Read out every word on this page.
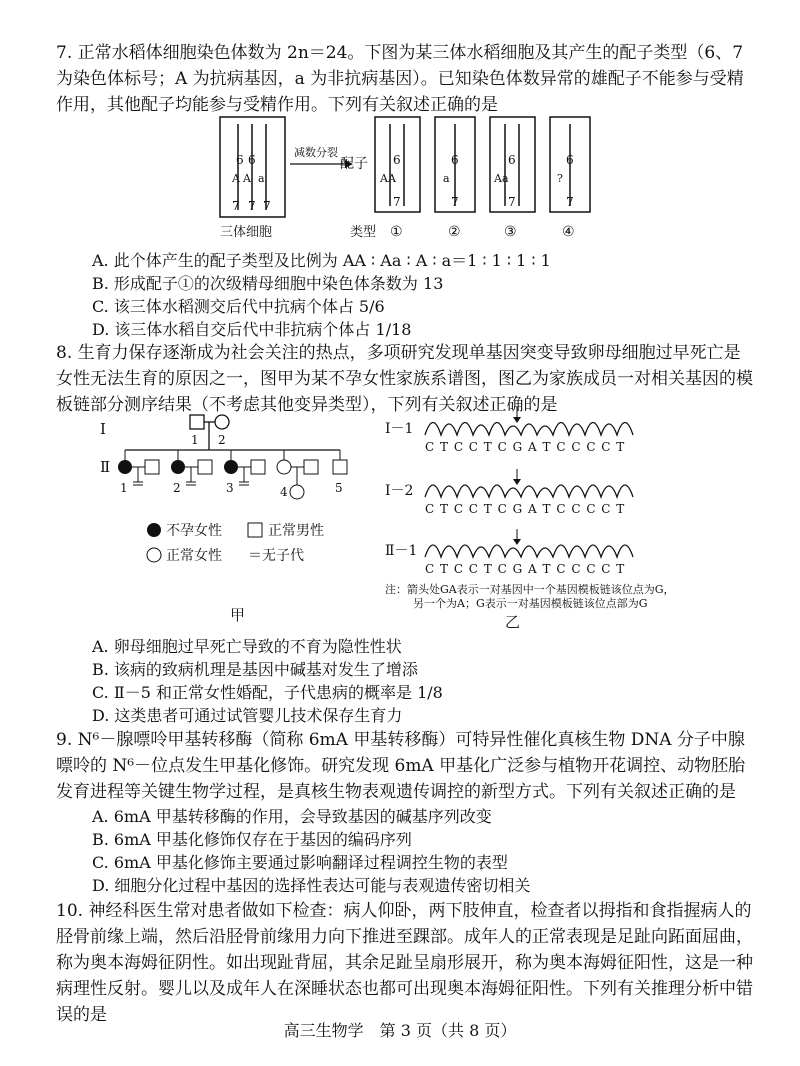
7. 正常水稻体细胞染色体数为 2n＝24。下图为某三体水稻细胞及其产生的配子类型（6、7为染色体标号；A 为抗病基因，a 为非抗病基因）。已知染色体数异常的雄配子不能参与受精作用，其他配子均能参与受精作用。下列有关叙述正确的是
6 6
A A a
7 7 7
三体细胞
减数分裂
配子 6
AA
7
6
a
7
6
Aa
7
6
?
7
类型 ①	②	③	④
A. 此个体产生的配子类型及比例为 AA ∶ Aa ∶ A ∶ a＝1 ∶ 1 ∶ 1 ∶ 1
B. 形成配子①的次级精母细胞中染色体条数为 13
C. 该三体水稻测交后代中抗病个体占 5/6
D. 该三体水稻自交后代中非抗病个体占 1/18
8. 生育力保存逐渐成为社会关注的热点，多项研究发现单基因突变导致卵母细胞过早死亡是女性无法生育的原因之一，图甲为某不孕女性家族系谱图，图乙为家族成员一对相关基因的模板链部分测序结果（不考虑其他变异类型），下列有关叙述正确的是
Ⅰ
Ⅱ
1 2
1	2	3	4	5
不孕女性	正常男性
正常女性 ＝无子代
甲
Ⅰ－1
C T C C T C G A T C C C C T
Ⅰ－2
C T C C T C G A T C C C C T
Ⅱ－1
C T C C T C G A T C C C C T
注：箭头处GA表示一对基因中一个基因模板链该位点为G，
另一个为A；G表示一对基因模板链该位点部为G
乙
A. 卵母细胞过早死亡导致的不育为隐性性状
B. 该病的致病机理是基因中碱基对发生了增添
C. Ⅱ－5 和正常女性婚配，子代患病的概率是 1/8
D. 这类患者可通过试管婴儿技术保存生育力
9. N⁶－腺嘌呤甲基转移酶（简称 6mA 甲基转移酶）可特异性催化真核生物 DNA 分子中腺嘌呤的 N⁶－位点发生甲基化修饰。研究发现 6mA 甲基化广泛参与植物开花调控、动物胚胎发育进程等关键生物学过程，是真核生物表观遗传调控的新型方式。下列有关叙述正确的是
A. 6mA 甲基转移酶的作用，会导致基因的碱基序列改变
B. 6mA 甲基化修饰仅存在于基因的编码序列
C. 6mA 甲基化修饰主要通过影响翻译过程调控生物的表型
D. 细胞分化过程中基因的选择性表达可能与表观遗传密切相关
10. 神经科医生常对患者做如下检查：病人仰卧，两下肢伸直，检查者以拇指和食指握病人的胫骨前缘上端，然后沿胫骨前缘用力向下推进至踝部。成年人的正常表现是足趾向跖面屈曲，称为奥本海姆征阴性。如出现趾背屈，其余足趾呈扇形展开，称为奥本海姆征阳性，这是一种病理性反射。婴儿以及成年人在深睡状态也都可出现奥本海姆征阳性。下列有关推理分析中错误的是
高三生物学　第 3 页（共 8 页）
